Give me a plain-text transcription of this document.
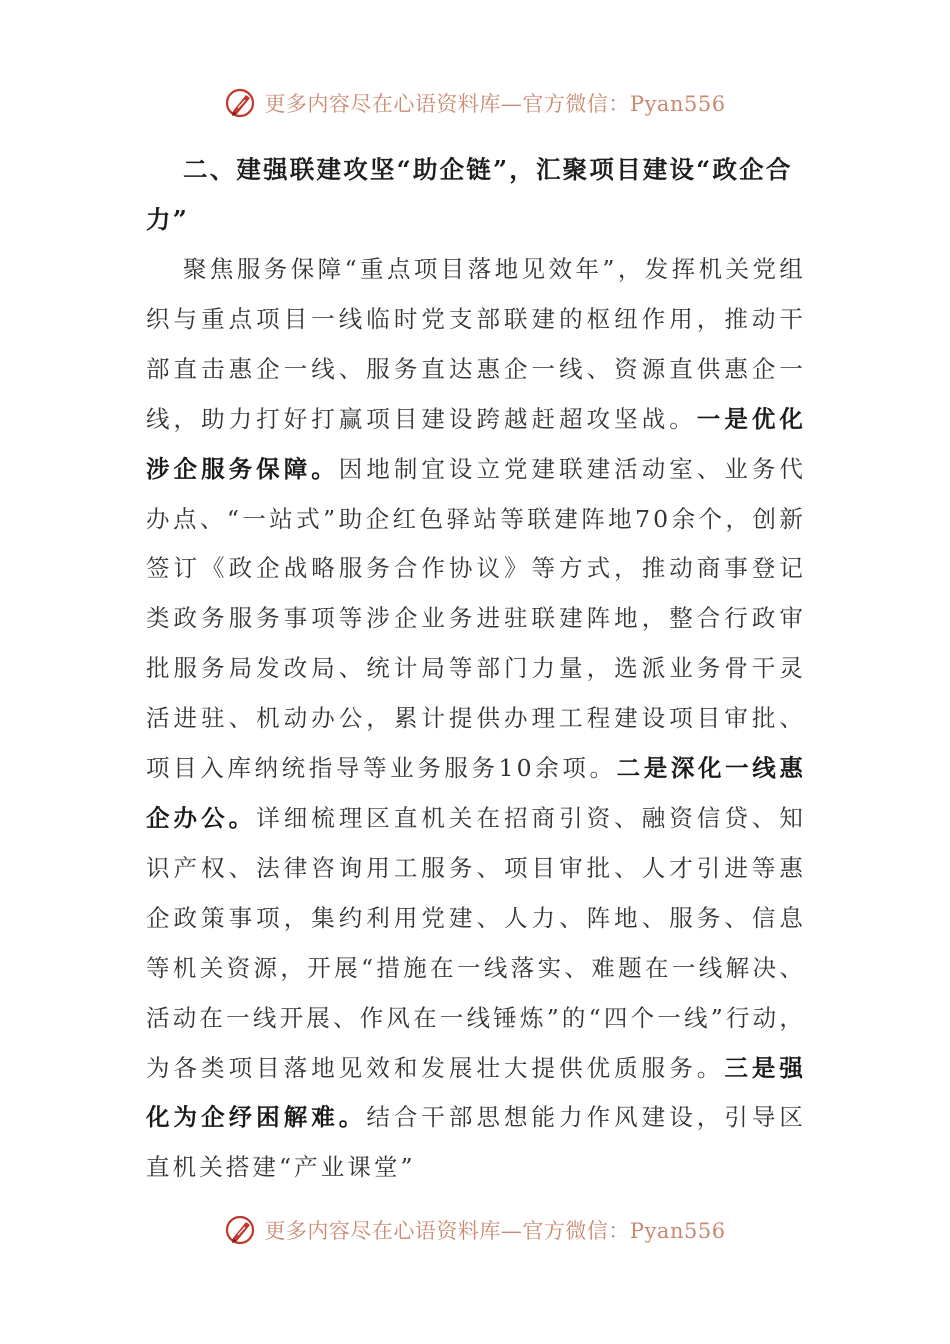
更多内容尽在心语资料库—官方微信：Pyan556

二、建强联建攻坚“助企链”，汇聚项目建设“政企合力”

聚焦服务保障“重点项目落地见效年”，发挥机关党组织与重点项目一线临时党支部联建的枢纽作用，推动干部直击惠企一线、服务直达惠企一线、资源直供惠企一线，助力打好打赢项目建设跨越赶超攻坚战。一是优化涉企服务保障。因地制宜设立党建联建活动室、业务代办点、“一站式”助企红色驿站等联建阵地70余个，创新签订《政企战略服务合作协议》等方式，推动商事登记类政务服务事项等涉企业务进驻联建阵地，整合行政审批服务局发改局、统计局等部门力量，选派业务骨干灵活进驻、机动办公，累计提供办理工程建设项目审批、项目入库纳统指导等业务服务10余项。二是深化一线惠企办公。详细梳理区直机关在招商引资、融资信贷、知识产权、法律咨询用工服务、项目审批、人才引进等惠企政策事项，集约利用党建、人力、阵地、服务、信息等机关资源，开展“措施在一线落实、难题在一线解决、活动在一线开展、作风在一线锤炼”的“四个一线”行动，为各类项目落地见效和发展壮大提供优质服务。三是强化为企纾困解难。结合干部思想能力作风建设，引导区直机关搭建“产业课堂”

更多内容尽在心语资料库—官方微信：Pyan556
